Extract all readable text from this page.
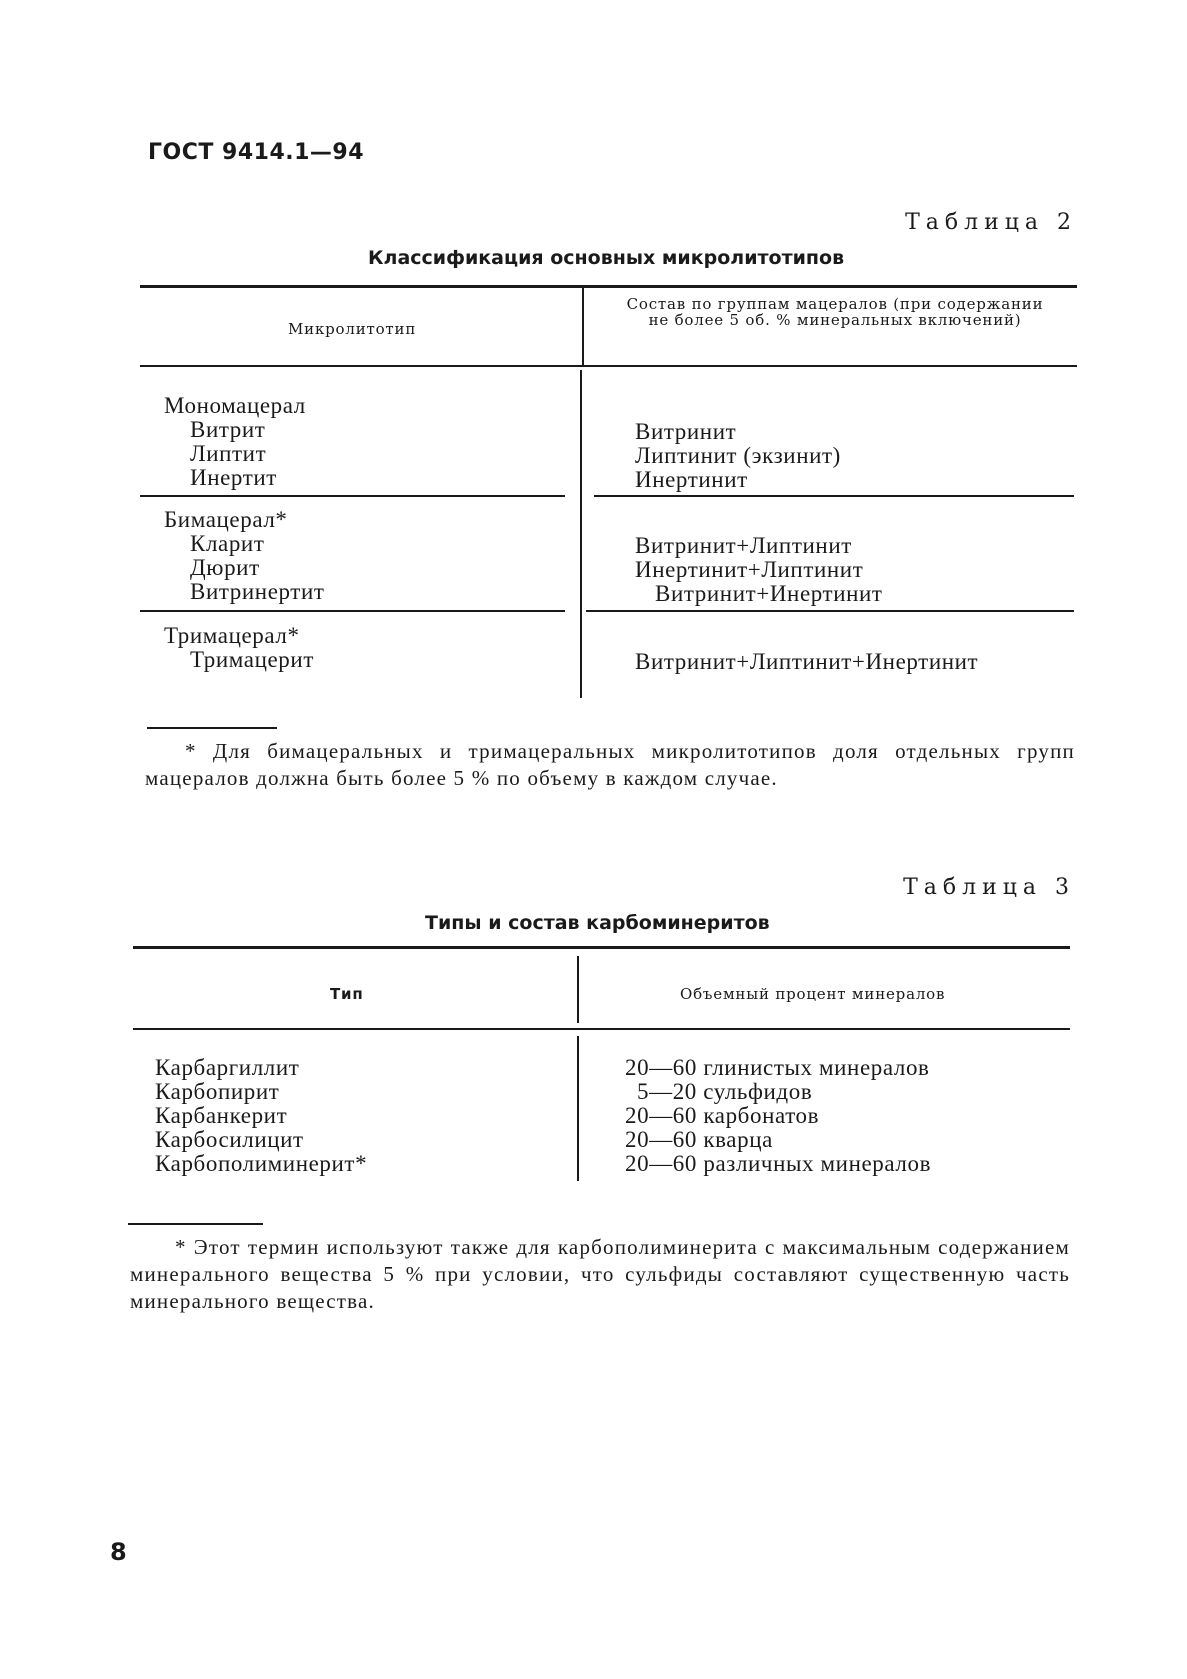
ГОСТ 9414.1—94
Таблица 2
Классификация основных микролитотипов
Микролитотип
Состав по группам мацералов (при содержании не более 5 об. % минеральных включений)
Мономацерал
Витрит
Липтит
Инертит
Витринит
Липтинит (экзинит)
Инертинит
Бимацерал*
Кларит
Дюрит
Витринертит
Витринит+Липтинит
Инертинит+Липтинит
Витринит+Инертинит
Тримацерал*
Тримацерит	Витринит+Липтинит+Инертинит
* Для бимацеральных и тримацеральных микролитотипов доля отдельных групп мацералов должна быть более 5 % по объему в каждом случае.
Таблица 3
Типы и состав карбоминеритов
Тип	Объемный процент минералов
Карбаргиллит
Карбопирит
Карбанкерит
Карбосилицит
Карбополиминерит*
20—60 глинистых минералов
5—20 сульфидов
20—60 карбонатов
20—60 кварца
20—60 различных минералов
* Этот термин используют также для карбополиминерита с максимальным содержанием минерального вещества 5 % при условии, что сульфиды составляют существенную часть минерального вещества.
8
